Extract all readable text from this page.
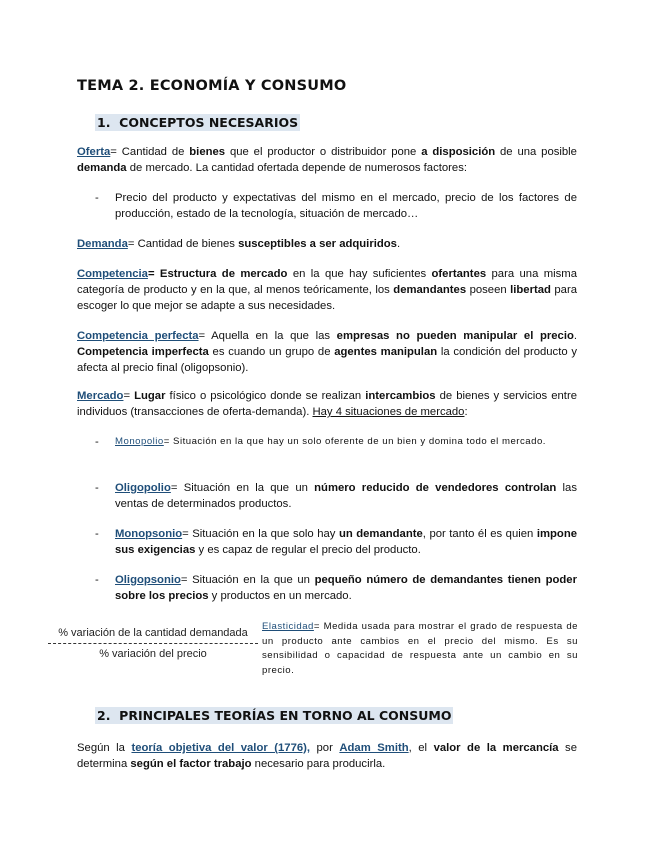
TEMA 2. ECONOMÍA Y CONSUMO
1. CONCEPTOS NECESARIOS
Oferta= Cantidad de bienes que el productor o distribuidor pone a disposición de una posible demanda de mercado. La cantidad ofertada depende de numerosos factores:
-	Precio del producto y expectativas del mismo en el mercado, precio de los factores de producción, estado de la tecnología, situación de mercado…
Demanda= Cantidad de bienes susceptibles a ser adquiridos.
Competencia= Estructura de mercado en la que hay suficientes ofertantes para una misma categoría de producto y en la que, al menos teóricamente, los demandantes poseen libertad para escoger lo que mejor se adapte a sus necesidades.
Competencia perfecta= Aquella en la que las empresas no pueden manipular el precio. Competencia imperfecta es cuando un grupo de agentes manipulan la condición del producto y afecta al precio final (oligopsonio).
Mercado= Lugar físico o psicológico donde se realizan intercambios de bienes y servicios entre individuos (transacciones de oferta-demanda). Hay 4 situaciones de mercado:
-	Monopolio= Situación en la que hay un solo oferente de un bien y domina todo el mercado.
-	Oligopolio= Situación en la que un número reducido de vendedores controlan las ventas de determinados productos.
-	Monopsonio= Situación en la que solo hay un demandante, por tanto él es quien impone sus exigencias y es capaz de regular el precio del producto.
-	Oligopsonio= Situación en la que un pequeño número de demandantes tienen poder sobre los precios y productos en un mercado.
% variación de la cantidad demandada
% variación del precio
Elasticidad= Medida usada para mostrar el grado de respuesta de un producto ante cambios en el precio del mismo. Es su sensibilidad o capacidad de respuesta ante un cambio en su precio.
2. PRINCIPALES TEORÍAS EN TORNO AL CONSUMO
Según la teoría objetiva del valor (1776), por Adam Smith, el valor de la mercancía se determina según el factor trabajo necesario para producirla.
